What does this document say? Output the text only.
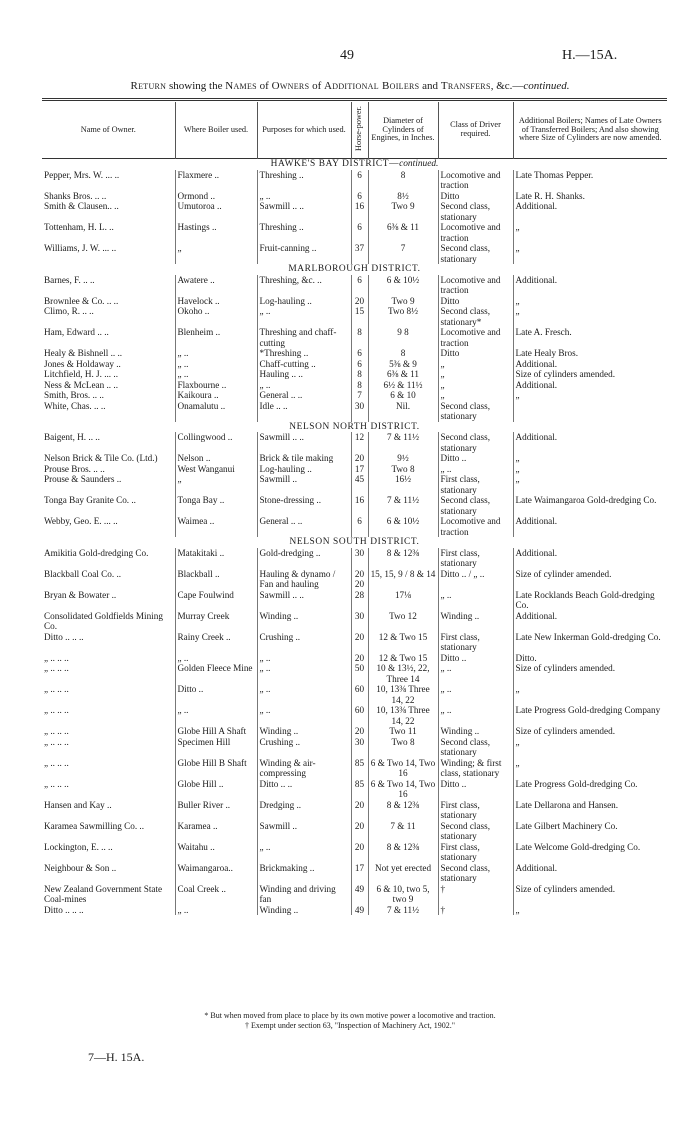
49	H.—15A.
Return showing the Names of Owners of Additional Boilers and Transfers, &c.—continued.
Name of Owner.	Where Boiler used.	Purposes for which used.	Horse-power.	Diameter of Cylinders of Engines, in Inches.	Class of Driver required.	Additional Boilers; Names of Late Owners of Transferred Boilers; And also showing where Size of Cylinders are now amended.
HAWKE'S BAY DISTRICT—continued.						
Pepper, Mrs. W. ... ..	Flaxmere ..	Threshing ..	6	8	Locomotive and traction	Late Thomas Pepper.
Shanks Bros. .. ..	Ormond ..	„ ..	6	8½	Ditto	Late R. H. Shanks.
Smith & Clausen.. ..	Umutoroa ..	Sawmill .. ..	16	Two 9	Second class, stationary	Additional.
Tottenham, H. L. ..	Hastings ..	Threshing ..	6	6⅜ & 11	Locomotive and traction	„
Williams, J. W. ... ..	„	Fruit-canning ..	37	7	Second class, stationary	„
MARLBOROUGH DISTRICT.						
Barnes, F. .. ..	Awatere ..	Threshing, &c. ..	6	6 & 10½	Locomotive and traction	Additional.
Brownlee & Co. .. ..	Havelock ..	Log-hauling ..	20	Two 9	Ditto	„
Climo, R. .. ..	Okoho ..	„ ..	15	Two 8½	Second class, stationary*	„
Ham, Edward .. ..	Blenheim ..	Threshing and chaff-cutting	8	9 8	Locomotive and traction	Late A. Fresch.
Healy & Bishnell .. ..	„ ..	*Threshing ..	6	8	Ditto	Late Healy Bros.
Jones & Holdaway ..	„ ..	Chaff-cutting ..	6	5⅜ & 9	„	Additional.
Litchfield, H. J. ... ..	„ ..	Hauling .. ..	8	6⅜ & 11	„	Size of cylinders amended.
Ness & McLean .. ..	Flaxbourne ..	„ ..	8	6½ & 11½	„	Additional.
Smith, Bros. .. ..	Kaikoura ..	General .. ..	7	6 & 10	„	„
White, Chas. .. ..	Onamalutu ..	Idle .. ..	30	Nil.	Second class, stationary	
NELSON NORTH DISTRICT.						
Baigent, H. .. ..	Collingwood ..	Sawmill .. ..	12	7 & 11½	Second class, stationary	Additional.
Nelson Brick & Tile Co. (Ltd.)	Nelson ..	Brick & tile making	20	9½	Ditto ..	„
Prouse Bros. .. ..	West Wanganui	Log-hauling ..	17	Two 8	„ ..	„
Prouse & Saunders ..	„	Sawmill ..	45	16½	First class, stationary	„
Tonga Bay Granite Co. ..	Tonga Bay ..	Stone-dressing ..	16	7 & 11½	Second class, stationary	Late Waimangaroa Gold-dredging Co.
Webby, Geo. E. ... ..	Waimea ..	General .. ..	6	6 & 10½	Locomotive and traction	Additional.
NELSON SOUTH DISTRICT.						
Amikitia Gold-dredging Co.	Matakitaki ..	Gold-dredging ..	30	8 & 12⅜	First class, stationary	Additional.
Blackball Coal Co. ..	Blackball ..	Hauling & dynamo / Fan and hauling	20 20	15, 15, 9 / 8 & 14	Ditto .. / „ ..	Size of cylinder amended.
Bryan & Bowater ..	Cape Foulwind	Sawmill .. ..	28	17⅛	„ ..	Late Rocklands Beach Gold-dredging Co.
Consolidated Goldfields Mining Co.	Murray Creek	Winding ..	30	Two 12	Winding ..	Additional.
Ditto .. .. ..	Rainy Creek ..	Crushing ..	20	12 & Two 15	First class, stationary	Late New Inkerman Gold-dredging Co.
„ .. .. ..	„ ..	„ ..	20	12 & Two 15	Ditto ..	Ditto.
„ .. .. ..	Golden Fleece Mine	„ ..	50	10 & 13½, 22, Three 14	„ ..	Size of cylinders amended.
„ .. .. ..	Ditto ..	„ ..	60	10, 13⅜ Three 14, 22	„ ..	„
„ .. .. ..	„ ..	„ ..	60	10, 13⅜ Three 14, 22	„ ..	Late Progress Gold-dredging Company
„ .. .. ..	Globe Hill A Shaft	Winding ..	20	Two 11	Winding ..	Size of cylinders amended.
„ .. .. ..	Specimen Hill	Crushing ..	30	Two 8	Second class, stationary	„
„ .. .. ..	Globe Hill B Shaft	Winding & air-compressing	85	6 & Two 14, Two 16	Winding; & first class, stationary	„
„ .. .. ..	Globe Hill ..	Ditto .. ..	85	6 & Two 14, Two 16	Ditto ..	Late Progress Gold-dredging Co.
Hansen and Kay ..	Buller River ..	Dredging ..	20	8 & 12⅜	First class, stationary	Late Dellarona and Hansen.
Karamea Sawmilling Co. ..	Karamea ..	Sawmill ..	20	7 & 11	Second class, stationary	Late Gilbert Machinery Co.
Lockington, E. .. ..	Waitahu ..	„ ..	20	8 & 12⅜	First class, stationary	Late Welcome Gold-dredging Co.
Neighbour & Son ..	Waimangaroa..	Brickmaking ..	17	Not yet erected	Second class, stationary	Additional.
New Zealand Government State Coal-mines	Coal Creek ..	Winding and driving fan	49	6 & 10, two 5, two 9	†	Size of cylinders amended.
Ditto .. .. ..	„ ..	Winding ..	49	7 & 11½	†	„
* But when moved from place to place by its own motive power a locomotive and traction.
† Exempt under section 63, "Inspection of Machinery Act, 1902."
7—H. 15A.
